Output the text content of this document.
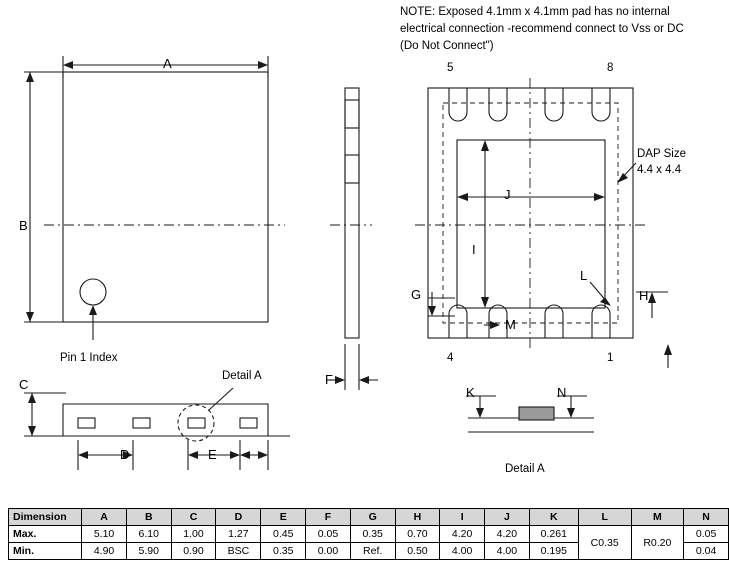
NOTE: Exposed 4.1mm x 4.1mm pad has no internal electrical connection -recommend connect to Vss or DC (Do Not Connect")
A
B
C
D	E
F
G	H
I
J
K
L
M
N
Pin 1 Index
Detail A
Detail A
DAP Size
4.4 x 4.4
5	8
4	1
Dimension	A	B	C	D	E	F	G	H	I	J	K	L	M	N
Max.	5.10	6.10	1.00	1.27	0.45	0.05	0.35	0.70	4.20	4.20	0.261	C0.35	R0.20	0.05
Min.	4.90	5.90	0.90	BSC	0.35	0.00	Ref.	0.50	4.00	4.00	0.195			0.04
